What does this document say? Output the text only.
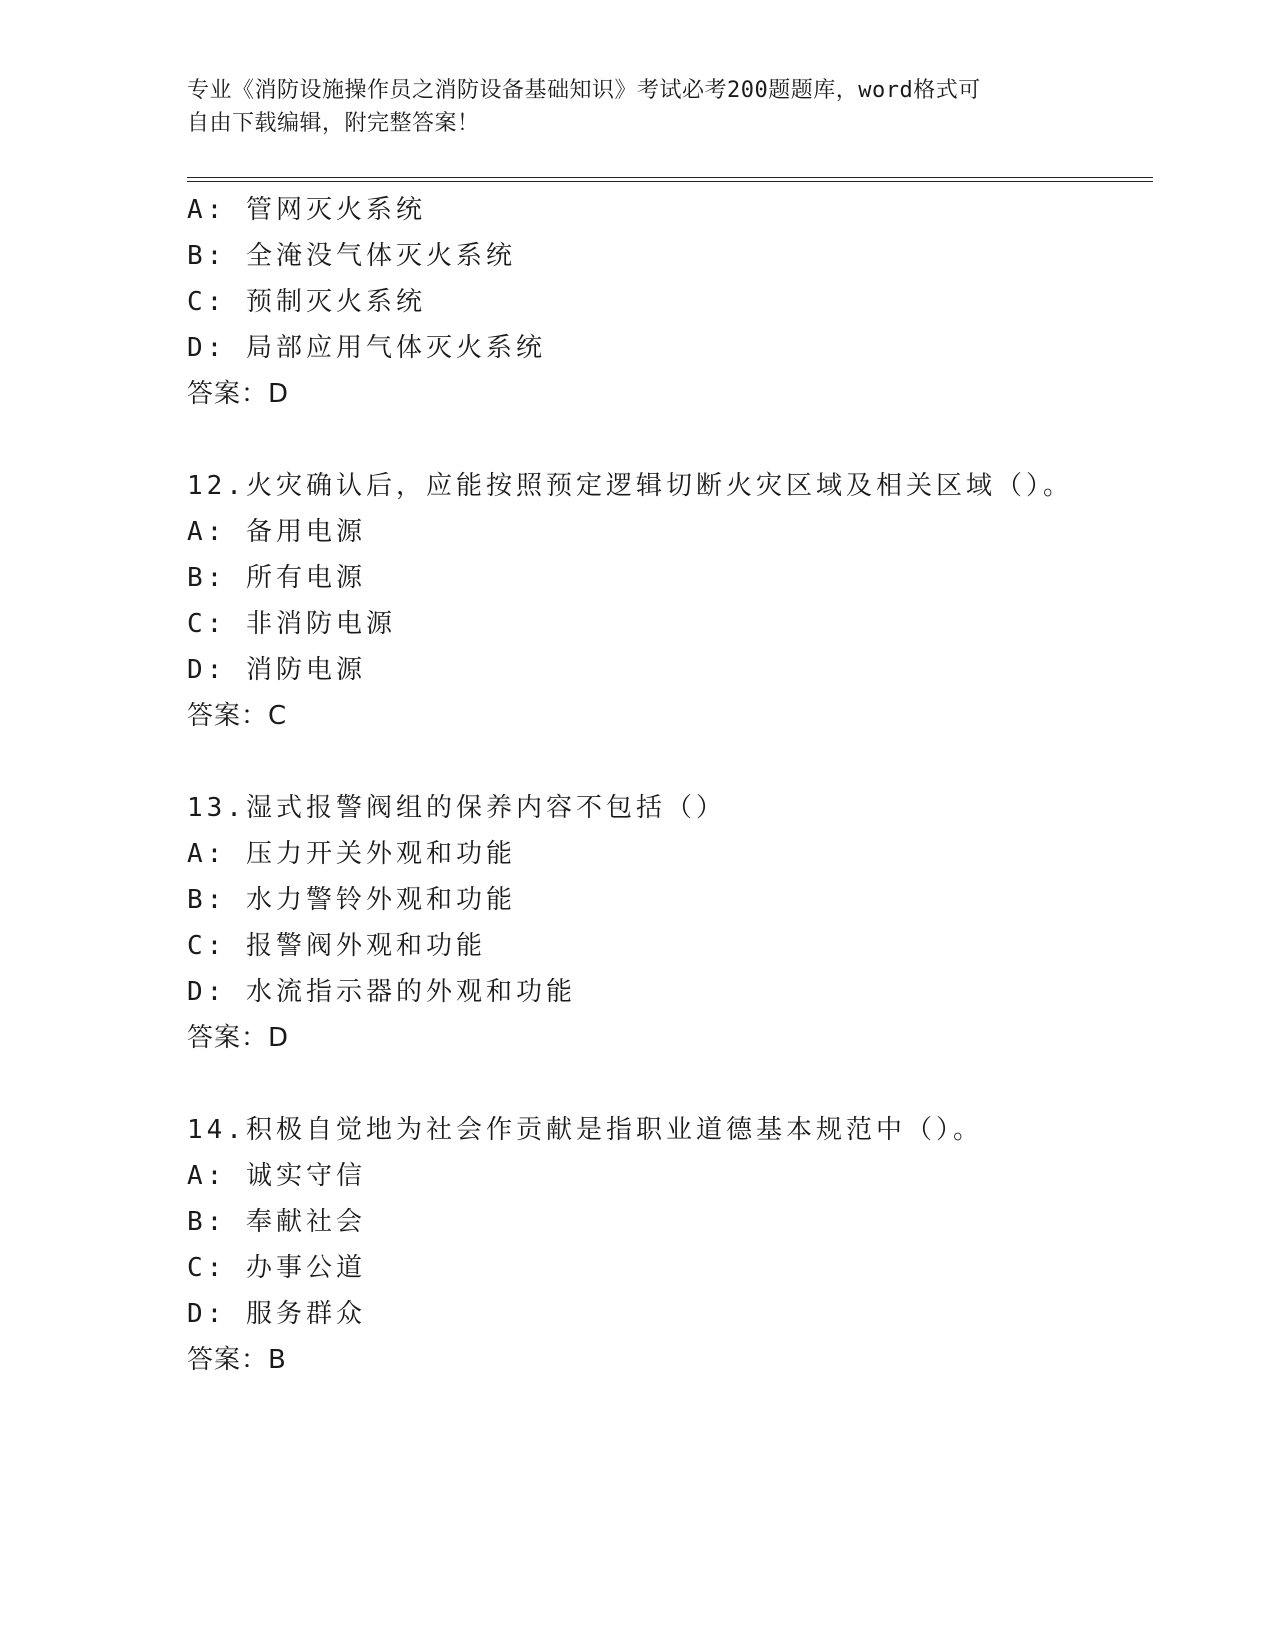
专业《消防设施操作员之消防设备基础知识》考试必考200题题库，word格式可
自由下载编辑，附完整答案！
A: 管网灭火系统
B: 全淹没气体灭火系统
C: 预制灭火系统
D: 局部应用气体灭火系统
答案：D
12.火灾确认后，应能按照预定逻辑切断火灾区域及相关区域（）。
A: 备用电源
B: 所有电源
C: 非消防电源
D: 消防电源
答案：C
13.湿式报警阀组的保养内容不包括（）
A: 压力开关外观和功能
B: 水力警铃外观和功能
C: 报警阀外观和功能
D: 水流指示器的外观和功能
答案：D
14.积极自觉地为社会作贡献是指职业道德基本规范中（）。
A: 诚实守信
B: 奉献社会
C: 办事公道
D: 服务群众
答案：B
